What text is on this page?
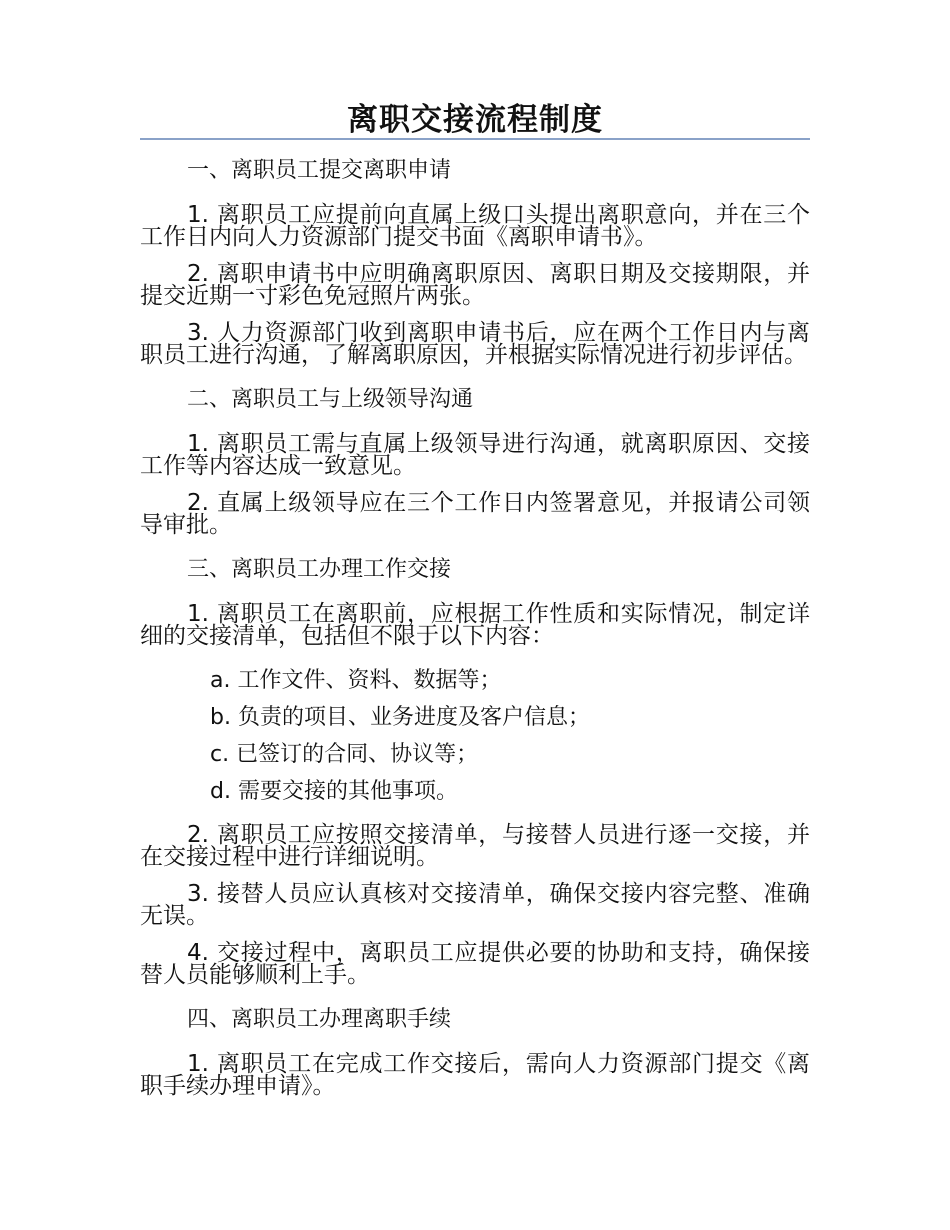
离职交接流程制度
一、离职员工提交离职申请

1. 离职员工应提前向直属上级口头提出离职意向，并在三个工作日内向人力资源部门提交书面《离职申请书》。

2. 离职申请书中应明确离职原因、离职日期及交接期限，并提交近期一寸彩色免冠照片两张。

3. 人力资源部门收到离职申请书后，应在两个工作日内与离职员工进行沟通，了解离职原因，并根据实际情况进行初步评估。

二、离职员工与上级领导沟通

1. 离职员工需与直属上级领导进行沟通，就离职原因、交接工作等内容达成一致意见。

2. 直属上级领导应在三个工作日内签署意见，并报请公司领导审批。

三、离职员工办理工作交接

1. 离职员工在离职前，应根据工作性质和实际情况，制定详细的交接清单，包括但不限于以下内容：

a. 工作文件、资料、数据等；
b. 负责的项目、业务进度及客户信息；
c. 已签订的合同、协议等；
d. 需要交接的其他事项。

2. 离职员工应按照交接清单，与接替人员进行逐一交接，并在交接过程中进行详细说明。

3. 接替人员应认真核对交接清单，确保交接内容完整、准确无误。

4. 交接过程中，离职员工应提供必要的协助和支持，确保接替人员能够顺利上手。

四、离职员工办理离职手续

1. 离职员工在完成工作交接后，需向人力资源部门提交《离职手续办理申请》。
